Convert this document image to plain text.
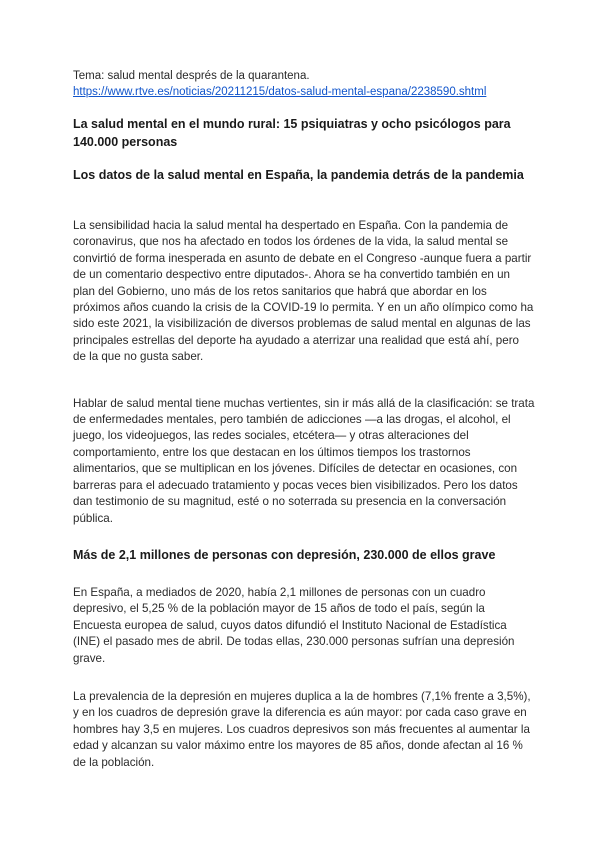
Tema: salud mental després de la quarantena.

https://www.rtve.es/noticias/20211215/datos-salud-mental-espana/2238590.shtml
La salud mental en el mundo rural: 15 psiquiatras y ocho psicólogos para 140.000 personas
Los datos de la salud mental en España, la pandemia detrás de la pandemia

La sensibilidad hacia la salud mental ha despertado en España. Con la pandemia de coronavirus, que nos ha afectado en todos los órdenes de la vida, la salud mental se convirtió de forma inesperada en asunto de debate en el Congreso -aunque fuera a partir de un comentario despectivo entre diputados-. Ahora se ha convertido también en un plan del Gobierno, uno más de los retos sanitarios que habrá que abordar en los próximos años cuando la crisis de la COVID-19 lo permita. Y en un año olímpico como ha sido este 2021, la visibilización de diversos problemas de salud mental en algunas de las principales estrellas del deporte ha ayudado a aterrizar una realidad que está ahí, pero de la que no gusta saber.

Hablar de salud mental tiene muchas vertientes, sin ir más allá de la clasificación: se trata de enfermedades mentales, pero también de adicciones —a las drogas, el alcohol, el juego, los videojuegos, las redes sociales, etcétera— y otras alteraciones del comportamiento, entre los que destacan en los últimos tiempos los trastornos alimentarios, que se multiplican en los jóvenes. Difíciles de detectar en ocasiones, con barreras para el adecuado tratamiento y pocas veces bien visibilizados. Pero los datos dan testimonio de su magnitud, esté o no soterrada su presencia en la conversación pública.

Más de 2,1 millones de personas con depresión, 230.000 de ellos grave

En España, a mediados de 2020, había 2,1 millones de personas con un cuadro depresivo, el 5,25 % de la población mayor de 15 años de todo el país, según la Encuesta europea de salud, cuyos datos difundió el Instituto Nacional de Estadística (INE) el pasado mes de abril. De todas ellas, 230.000 personas sufrían una depresión grave.

La prevalencia de la depresión en mujeres duplica a la de hombres (7,1% frente a 3,5%), y en los cuadros de depresión grave la diferencia es aún mayor: por cada caso grave en hombres hay 3,5 en mujeres. Los cuadros depresivos son más frecuentes al aumentar la edad y alcanzan su valor máximo entre los mayores de 85 años, donde afectan al 16 % de la población.
